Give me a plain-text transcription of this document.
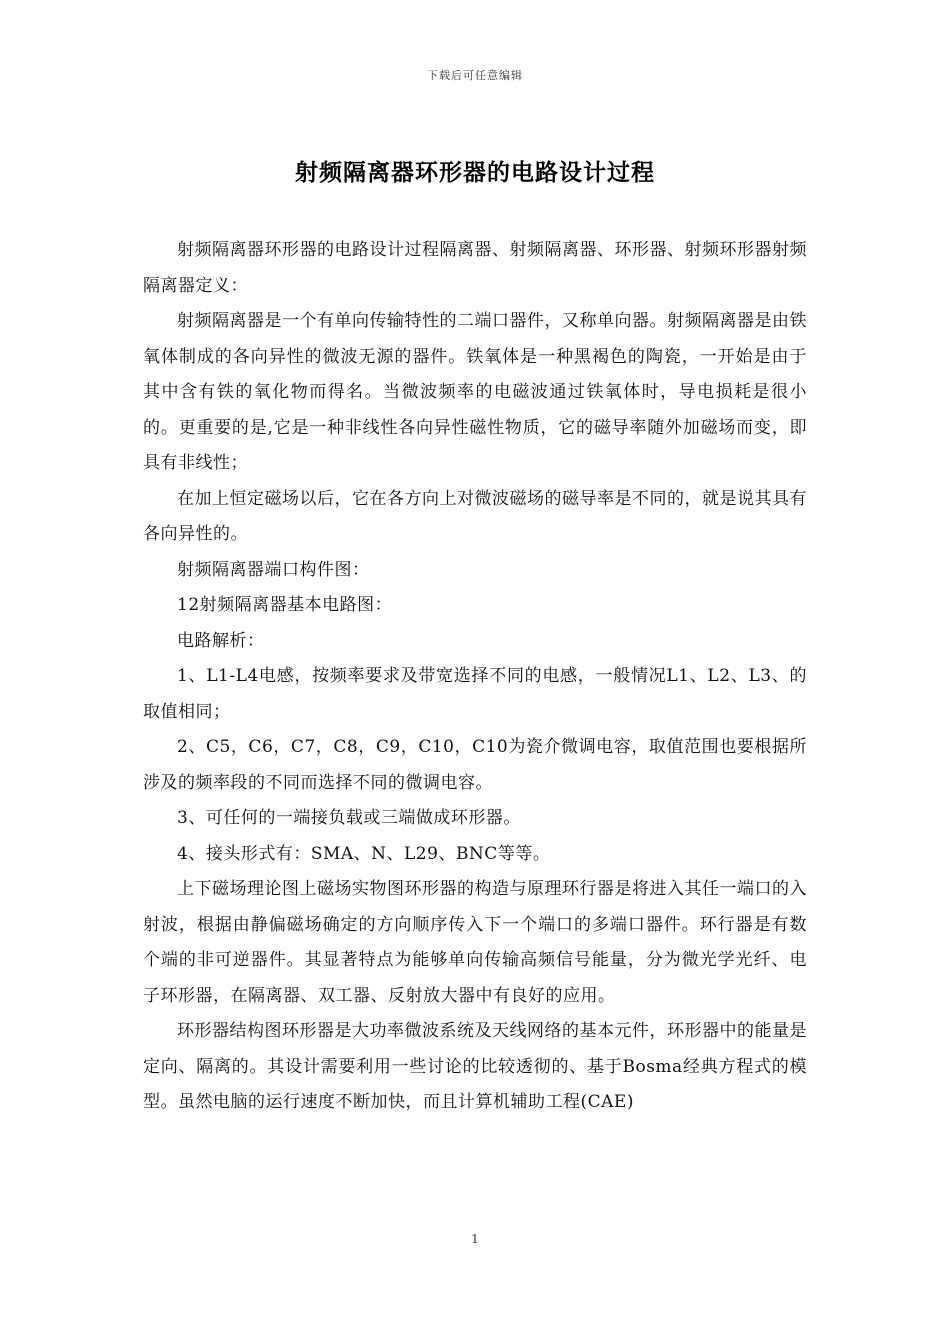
下载后可任意编辑
射频隔离器环形器的电路设计过程

射频隔离器环形器的电路设计过程隔离器、射频隔离器、环形器、射频环形器射频隔离器定义：

射频隔离器是一个有单向传输特性的二端口器件，又称单向器。射频隔离器是由铁氧体制成的各向异性的微波无源的器件。铁氧体是一种黑褐色的陶瓷，一开始是由于其中含有铁的氧化物而得名。当微波频率的电磁波通过铁氧体时，导电损耗是很小的。更重要的是,它是一种非线性各向异性磁性物质，它的磁导率随外加磁场而变，即具有非线性；

在加上恒定磁场以后，它在各方向上对微波磁场的磁导率是不同的，就是说其具有各向异性的。

射频隔离器端口构件图：

12射频隔离器基本电路图：

电路解析：

1、L1-L4电感，按频率要求及带宽选择不同的电感，一般情况L1、L2、L3、的取值相同；

2、C5，C6，C7，C8，C9，C10，C10为瓷介微调电容，取值范围也要根据所涉及的频率段的不同而选择不同的微调电容。

3、可任何的一端接负载或三端做成环形器。

4、接头形式有：SMA、N、L29、BNC等等。

上下磁场理论图上磁场实物图环形器的构造与原理环行器是将进入其任一端口的入射波，根据由静偏磁场确定的方向顺序传入下一个端口的多端口器件。环行器是有数个端的非可逆器件。其显著特点为能够单向传输高频信号能量，分为微光学光纤、电子环形器，在隔离器、双工器、反射放大器中有良好的应用。

环形器结构图环形器是大功率微波系统及天线网络的基本元件，环形器中的能量是定向、隔离的。其设计需要利用一些讨论的比较透彻的、基于Bosma经典方程式的模型。虽然电脑的运行速度不断加快，而且计算机辅助工程(CAE)

1
